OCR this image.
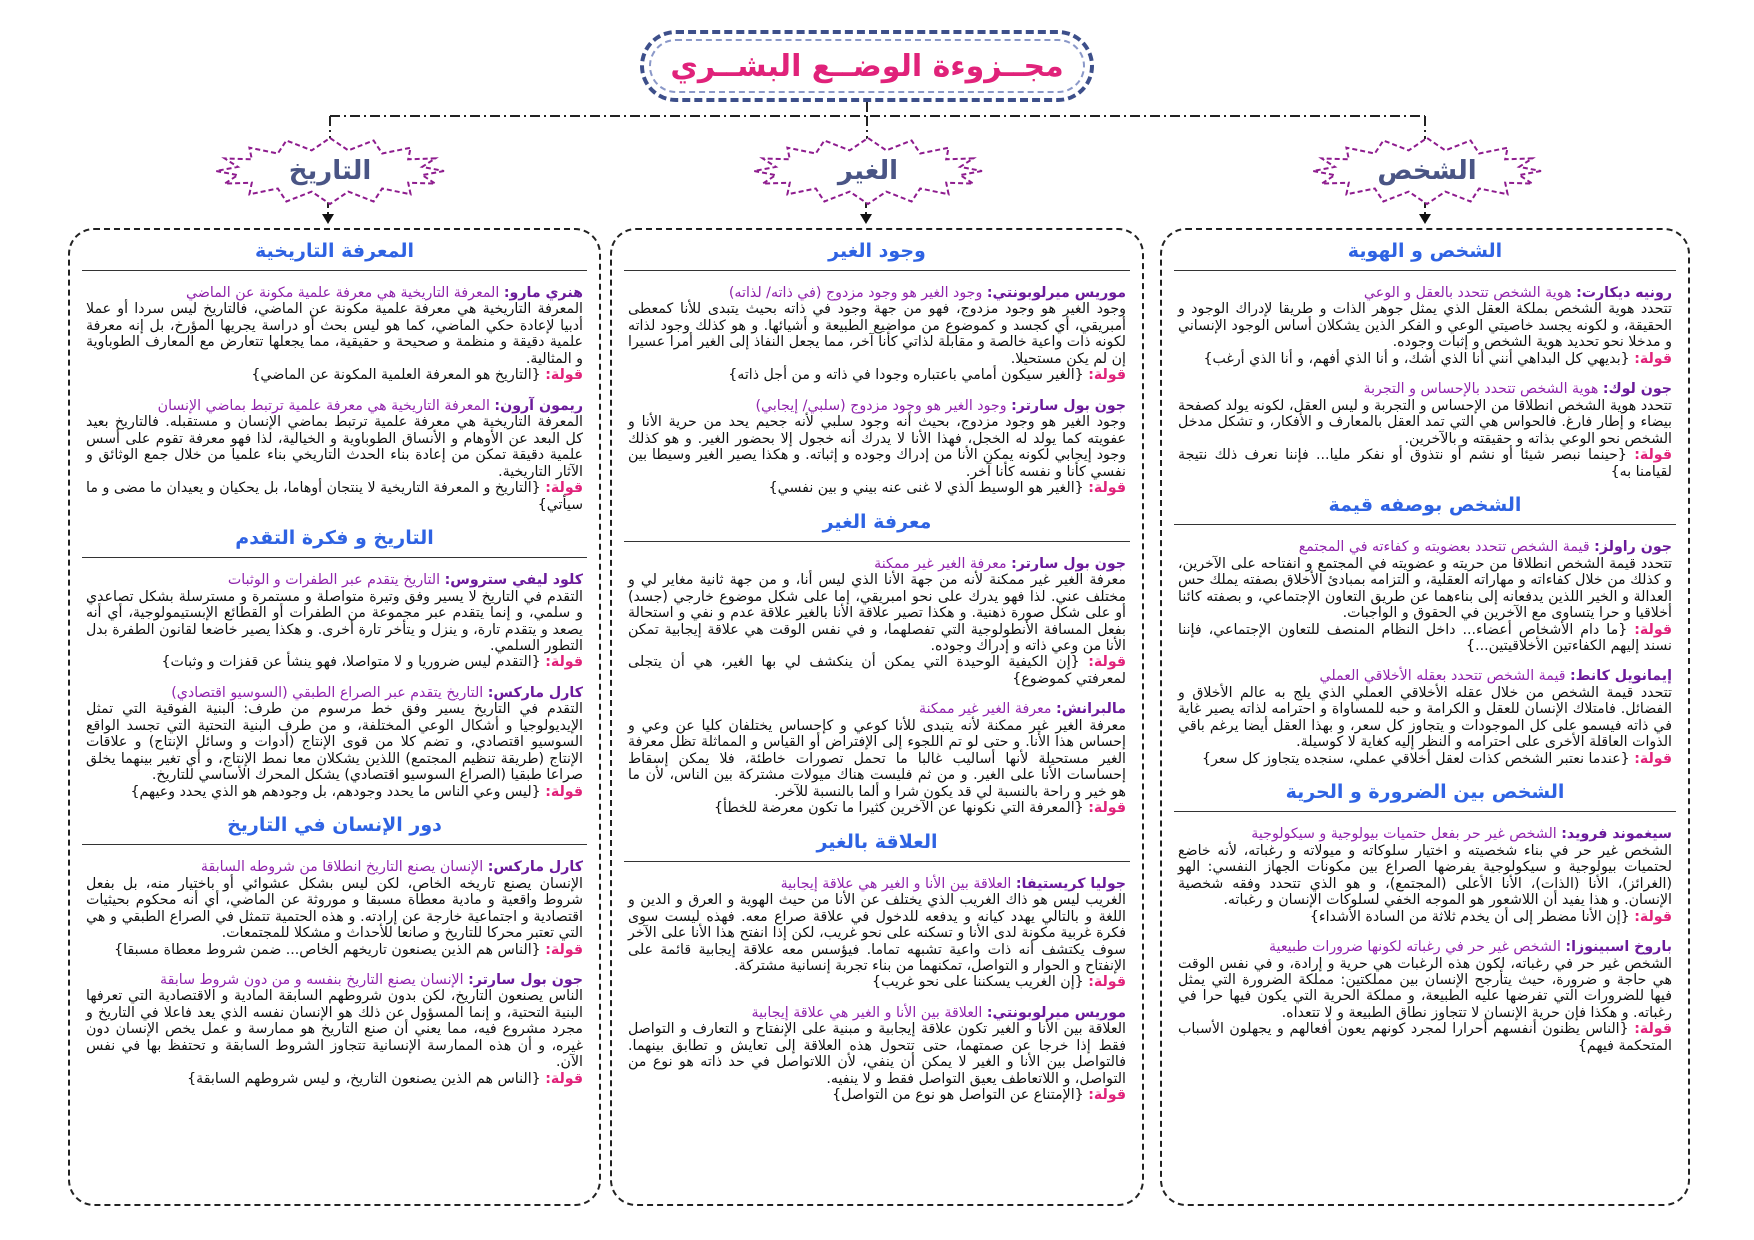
مجــزوءة الوضــع البشــري
التاريخ	الغير	الشخص
المعرفة التاريخية

هنري مارو: المعرفة التاريخية هي معرفة علمية مكونة عن الماضي

المعرفة التاريخية هي معرفة علمية مكونة عن الماضي، فالتاريخ ليس سردا أو عملا أدبيا لإعادة حكي الماضي، كما هو ليس بحث أو دراسة يجريها المؤرخ، بل إنه معرفة علمية دقيقة و منظمة و صحيحة و حقيقية، مما يجعلها تتعارض مع المعارف الطوباوية و المثالية.

قولة: {التاريخ هو المعرفة العلمية المكونة عن الماضي}

ريمون آرون: المعرفة التاريخية هي معرفة علمية ترتبط بماضي الإنسان

المعرفة التاريخية هي معرفة علمية ترتبط بماضي الإنسان و مستقبله. فالتاريخ بعيد كل البعد عن الأوهام و الأنساق الطوباوية و الخيالية، لذا فهو معرفة تقوم على أسس علمية دقيقة تمكن من إعادة بناء الحدث التاريخي بناء علميا من خلال جمع الوثائق و الآثار التاريخية.

قولة: {التاريخ و المعرفة التاريخية لا ينتجان أوهاما، بل يحكيان و يعيدان ما مضى و ما سيأتي}

التاريخ و فكرة التقدم

كلود ليفي ستروس: التاريخ يتقدم عبر الطفرات و الوثبات

التقدم في التاريخ لا يسير وفق وتيرة متواصلة و مستمرة و مسترسلة بشكل تصاعدي و سلمي، و إنما يتقدم عبر مجموعة من الطفرات أو القطائع الإبستيمولوجية، أي أنه يصعد و يتقدم تارة، و ينزل و يتأخر تارة أخرى. و هكذا يصير خاضعا لقانون الطفرة بدل التطور السلمي.

قولة: {التقدم ليس ضروريا و لا متواصلا، فهو ينشأ عن قفزات و وثبات}

كارل ماركس: التاريخ يتقدم عبر الصراع الطبقي (السوسيو اقتصادي)

التقدم في التاريخ يسير وفق خط مرسوم من طرف: البنية الفوقية التي تمثل الإيديولوجيا و أشكال الوعي المختلفة، و من طرف البنية التحتية التي تجسد الواقع السوسيو اقتصادي، و تضم كلا من قوى الإنتاج (أدوات و وسائل الإنتاج) و علاقات الإنتاج (طريقة تنظيم المجتمع) اللذين يشكلان معا نمط الإنتاج، و أي تغير بينهما يخلق صراعا طبقيا (الصراع السوسيو اقتصادي) يشكل المحرك الأساسي للتاريخ.

قولة: {ليس وعي الناس ما يحدد وجودهم، بل وجودهم هو الذي يحدد وعيهم}

دور الإنسان في التاريخ

كارل ماركس: الإنسان يصنع التاريخ انطلاقا من شروطه السابقة

الإنسان يصنع تاريخه الخاص، لكن ليس بشكل عشوائي أو باختيار منه، بل بفعل شروط واقعية و مادية معطاة مسبقا و موروثة عن الماضي، أي أنه محكوم بحيثيات اقتصادية و اجتماعية خارجة عن إرادته. و هذه الحتمية تتمثل في الصراع الطبقي و هي التي تعتبر محركا للتاريخ و صانعا للأحداث و مشكلا للمجتمعات.

قولة: {الناس هم الذين يصنعون تاريخهم الخاص... ضمن شروط معطاة مسبقا}

جون بول سارتر: الإنسان يصنع التاريخ بنفسه و من دون شروط سابقة

الناس يصنعون التاريخ، لكن بدون شروطهم السابقة المادية و الاقتصادية التي تعرفها البنية التحتية، و إنما المسؤول عن ذلك هو الإنسان نفسه الذي يعد فاعلا في التاريخ و مجرد مشروع فيه، مما يعني أن صنع التاريخ هو ممارسة و عمل يخص الإنسان دون غيره، و أن هذه الممارسة الإنسانية تتجاوز الشروط السابقة و تحتفظ بها في نفس الآن.

قولة: {الناس هم الذين يصنعون التاريخ، و ليس شروطهم السابقة}

وجود الغير

موريس ميرلوبونتي: وجود الغير هو وجود مزدوج (في ذاته/ لذاته)

وجود الغير هو وجود مزدوج، فهو من جهة وجود في ذاته بحيث يتبدى للأنا كمعطى أمبريقي، أي كجسد و كموضوع من مواضيع الطبيعة و أشيائها. و هو كذلك وجود لذاته لكونه ذات واعية خالصة و مقابلة لذاتي كأنا آخر، مما يجعل النفاذ إلى الغير أمرا عسيرا إن لم يكن مستحيلا.

قولة: {الغير سيكون أمامي باعتباره وجودا في ذاته و من أجل ذاته}

جون بول سارتر: وجود الغير هو وجود مزدوج (سلبي/ إيجابي)

وجود الغير هو وجود مزدوج، بحيث أنه وجود سلبي لأنه جحيم يحد من حرية الأنا و عفويته كما يولد له الخجل، فهذا الأنا لا يدرك أنه خجول إلا بحضور الغير. و هو كذلك وجود إيجابي لكونه يمكن الأنا من إدراك وجوده و إثباته. و هكذا يصير الغير وسيطا بين نفسي كأنا و نفسه كأنا آخر.

قولة: {الغير هو الوسيط الذي لا غنى عنه بيني و بين نفسي}

معرفة الغير

جون بول سارتر: معرفة الغير غير ممكنة

معرفة الغير غير ممكنة لأنه من جهة الأنا الذي ليس أنا، و من جهة ثانية مغاير لي و مختلف عني. لذا فهو يدرك على نحو امبريقي، إما على شكل موضوع خارجي (جسد) أو على شكل صورة ذهنية. و هكذا تصير علاقة الأنا بالغير علاقة عدم و نفي و استحالة بفعل المسافة الأنطولوجية التي تفصلهما، و في نفس الوقت هي علاقة إيجابية تمكن الأنا من وعي ذاته و إدراك وجوده.

قولة: {إن الكيفية الوحيدة التي يمكن أن ينكشف لي بها الغير، هي أن يتجلى لمعرفتي كموضوع}

مالبرانش: معرفة الغير غير ممكنة

معرفة الغير غير ممكنة لأنه يتبدى للأنا كوعي و كإحساس يختلفان كليا عن وعي و إحساس هذا الأنا. و حتى لو تم اللجوء إلى الإفتراض أو القياس و المماثلة تظل معرفة الغير مستحيلة لأنها أساليب غالبا ما تحمل تصورات خاطئة، فلا يمكن إسقاط إحساسات الأنا على الغير. و من ثم فليست هناك ميولات مشتركة بين الناس، لأن ما هو خير و راحة بالنسبة لي قد يكون شرا و ألما بالنسبة للآخر.

قولة: {المعرفة التي نكونها عن الآخرين كثيرا ما تكون معرضة للخطأ}

العلاقة بالغير

جوليا كريستيفا: العلاقة بين الأنا و الغير هي علاقة إيجابية

الغريب ليس هو ذاك الغريب الذي يختلف عن الأنا من حيث الهوية و العرق و الدين و اللغة و بالتالي يهدد كيانه و يدفعه للدخول في علاقة صراع معه. فهذه ليست سوى فكرة غربية مكونة لدى الأنا و تسكنه على نحو غريب، لكن إذا انفتح هذا الأنا على الآخر سوف يكتشف أنه ذات واعية تشبهه تماما. فيؤسس معه علاقة إيجابية قائمة على الإنفتاح و الحوار و التواصل، تمكنهما من بناء تجربة إنسانية مشتركة.

قولة: {إن الغريب يسكننا على نحو غريب}

موريس ميرلوبونتي: العلاقة بين الأنا و الغير هي علاقة إيجابية

العلاقة بين الأنا و الغير تكون علاقة إيجابية و مبنية على الإنفتاح و التعارف و التواصل فقط إذا خرجا عن صمتهما، حتى تتحول هذه العلاقة إلى تعايش و تطابق بينهما. فالتواصل بين الأنا و الغير لا يمكن أن ينفي، لأن اللاتواصل في حد ذاته هو نوع من التواصل، و اللاتعاطف يعيق التواصل فقط و لا ينفيه.

قولة: {الإمتناع عن التواصل هو نوع من التواصل}

الشخص و الهوية

رونيه ديكارت: هوية الشخص تتحدد بالعقل و الوعي

تتحدد هوية الشخص بملكة العقل الذي يمثل جوهر الذات و طريقا لإدراك الوجود و الحقيقة، و لكونه يجسد خاصيتي الوعي و الفكر الذين يشكلان أساس الوجود الإنساني و مدخلا نحو تحديد هوية الشخص و إثبات وجوده.

قولة: {بديهي كل البداهي أنني أنا الذي أشك، و أنا الذي أفهم، و أنا الذي أرغب}

جون لوك: هوية الشخص تتحدد بالإحساس و التجربة

تتحدد هوية الشخص انطلاقا من الإحساس و التجربة و ليس العقل، لكونه يولد كصفحة بيضاء و إطار فارغ. فالحواس هي التي تمد العقل بالمعارف و الأفكار، و تشكل مدخل الشخص نحو الوعي بذاته و حقيقته و بالآخرين.

قولة: {حينما نبصر شيئا أو نشم أو نتذوق أو نفكر مليا... فإننا نعرف ذلك نتيجة لقيامنا به}

الشخص بوصفه قيمة

جون راولز: قيمة الشخص تتحدد بعضويته و كفاءته في المجتمع

تتحدد قيمة الشخص انطلاقا من حريته و عضويته في المجتمع و انفتاحه على الآخرين، و كذلك من خلال كفاءاته و مهاراته العقلية، و التزامه بمبادئ الأخلاق بصفته يملك حس العدالة و الخير اللذين يدفعانه إلى بناءهما عن طريق التعاون الإجتماعي، و بصفته كائنا أخلاقيا و حرا يتساوى مع الآخرين في الحقوق و الواجبات.

قولة: {ما دام الأشخاص أعضاء... داخل النظام المنصف للتعاون الإجتماعي، فإننا نسند إليهم الكفاءتين الأخلاقيتين...}

إيمانويل كانط: قيمة الشخص تتحدد بعقله الأخلاقي العملي

تتحدد قيمة الشخص من خلال عقله الأخلاقي العملي الذي يلج به عالم الأخلاق و الفضائل. فامتلاك الإنسان للعقل و الكرامة و حبه للمساواة و احترامه لذاته يصير غاية في ذاته فيسمو على كل الموجودات و يتجاوز كل سعر، و بهذا العقل أيضا يرغم باقي الذوات العاقلة الأخرى على احترامه و النظر إليه كغاية لا كوسيلة.

قولة: {عندما نعتبر الشخص كذات لعقل أخلاقي عملي، سنجده يتجاوز كل سعر}

الشخص بين الضرورة و الحرية

سيغموند فرويد: الشخص غير حر بفعل حتميات بيولوجية و سيكولوجية

الشخص غير حر في بناء شخصيته و اختيار سلوكاته و ميولاته و رغباته، لأنه خاضع لحتميات بيولوجية و سيكولوجية يفرضها الصراع بين مكونات الجهاز النفسي: الهو (الغرائز)، الأنا (الذات)، الأنا الأعلى (المجتمع)، و هو الذي تتحدد وفقه شخصية الإنسان. و هذا يفيد أن اللاشعور هو الموجه الخفي لسلوكات الإنسان و رغباته.

قولة: {إن الأنا مضطر إلى أن يخدم ثلاثة من السادة الأشداء}

باروخ اسبينوزا: الشخص غير حر في رغباته لكونها ضرورات طبيعية

الشخص غير حر في رغباته، لكون هذه الرغبات هي حرية و إرادة، و في نفس الوقت هي حاجة و ضرورة، حيث يتأرجح الإنسان بين مملكتين: مملكة الضرورة التي يمثل فيها للضرورات التي تفرضها عليه الطبيعة، و مملكة الحرية التي يكون فيها حرا في رغباته. و هكذا فإن حرية الإنسان لا تتجاوز نطاق الطبيعة و لا تتعداه.

قولة: {الناس يظنون أنفسهم أحرارا لمجرد كونهم يعون أفعالهم و يجهلون الأسباب المتحكمة فيهم}
